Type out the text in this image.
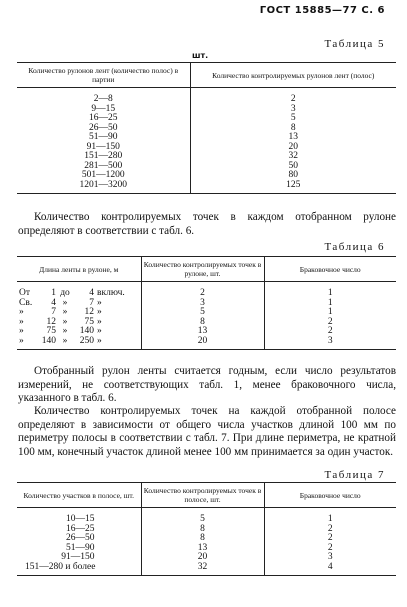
ГОСТ 15885—77 С. 6
Таблица 5
шт.
Количество рулонов лент (количество полос) в партии	Количество контролируемых рулонов лент (полос)
2—8	2
9—15	3
16—25	5
26—50	8
51—90	13
91—150	20
151—280	32
281—500	50
501—1200	80
1201—3200	125

Количество контролируемых точек в каждом отобранном рулоне определяют в соответствии с табл. 6.

Таблица 6
Длина ленты в рулоне, м	Количество контролируемых точек в рулоне, шт.	Браковочное число
От 1 до 4 включ.	2	1
Св. 4 » 7 »	3	1
» 7 » 12 »	5	1
» 12 » 75 »	8	2
» 75 » 140 »	13	2
» 140 » 250 »	20	3

Отобранный рулон ленты считается годным, если число результатов измерений, не соответствующих табл. 1, менее браковочного числа, указанного в табл. 6.

Количество контролируемых точек на каждой отобранной полосе определяют в зависимости от общего числа участков длиной 100 мм по периметру полосы в соответствии с табл. 7. При длине периметра, не кратной 100 мм, конечный участок длиной менее 100 мм принимается за один участок.

Таблица 7
Количество участков в полосе, шт.	Количество контролируемых точек в полосе, шт.	Браковочное число
10—15	5	1
16—25	8	2
26—50	8	2
51—90	13	2
91—150	20	3
151—280 и более	32	4
